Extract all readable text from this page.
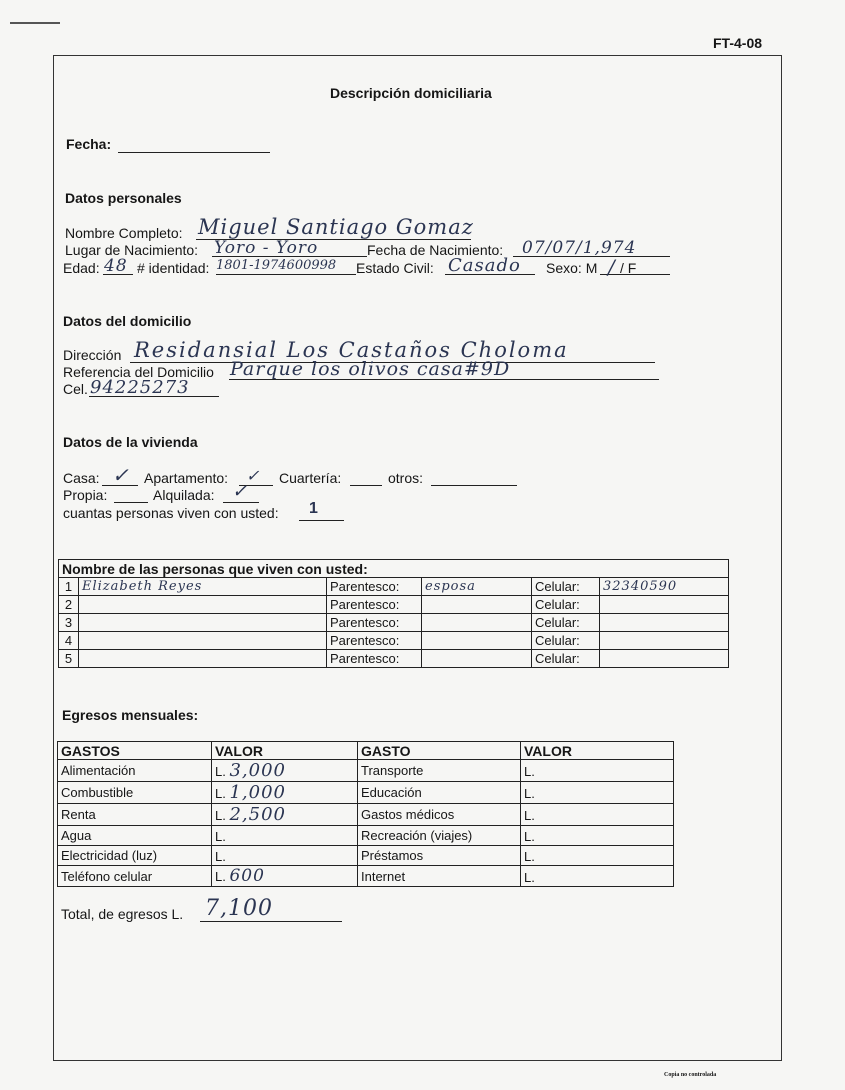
FT-4-08
Descripción domiciliaria
Fecha:
Datos personales
Nombre Completo: Miguel Santiago Gomaz
Lugar de Nacimiento: Yoro - Yoro	Fecha de Nacimiento: 07/07/1,974
Edad: 48 # identidad: 1801-1974600998 Estado Civil: Casado Sexo: M / / F
Datos del domicilio
Dirección Residansial Los Castaños Choloma
Referencia del Domicilio Parque los olivos casa#9D
Cel. 94225273
Datos de la vivienda
Casa: ✓ Apartamento: ✓ Cuartería:	otros:
Propia:	Alquilada: ✓
cuantas personas viven con usted: 1
Nombre de las personas que viven con usted:					
1	Elizabeth Reyes	Parentesco:	esposa	Celular:	32340590
2		Parentesco:		Celular:	
3		Parentesco:		Celular:	
4		Parentesco:		Celular:	
5		Parentesco:		Celular:	
Egresos mensuales:
GASTOS	VALOR	GASTO	VALOR
Alimentación	L. 3,000	Transporte	L.
Combustible	L. 1,000	Educación	L.
Renta	L. 2,500	Gastos médicos	L.
Agua	L.	Recreación (viajes)	L.
Electricidad (luz)	L.	Préstamos	L.
Teléfono celular	L. 600	Internet	L.
Total, de egresos L. 7,100
Copia no controlada
